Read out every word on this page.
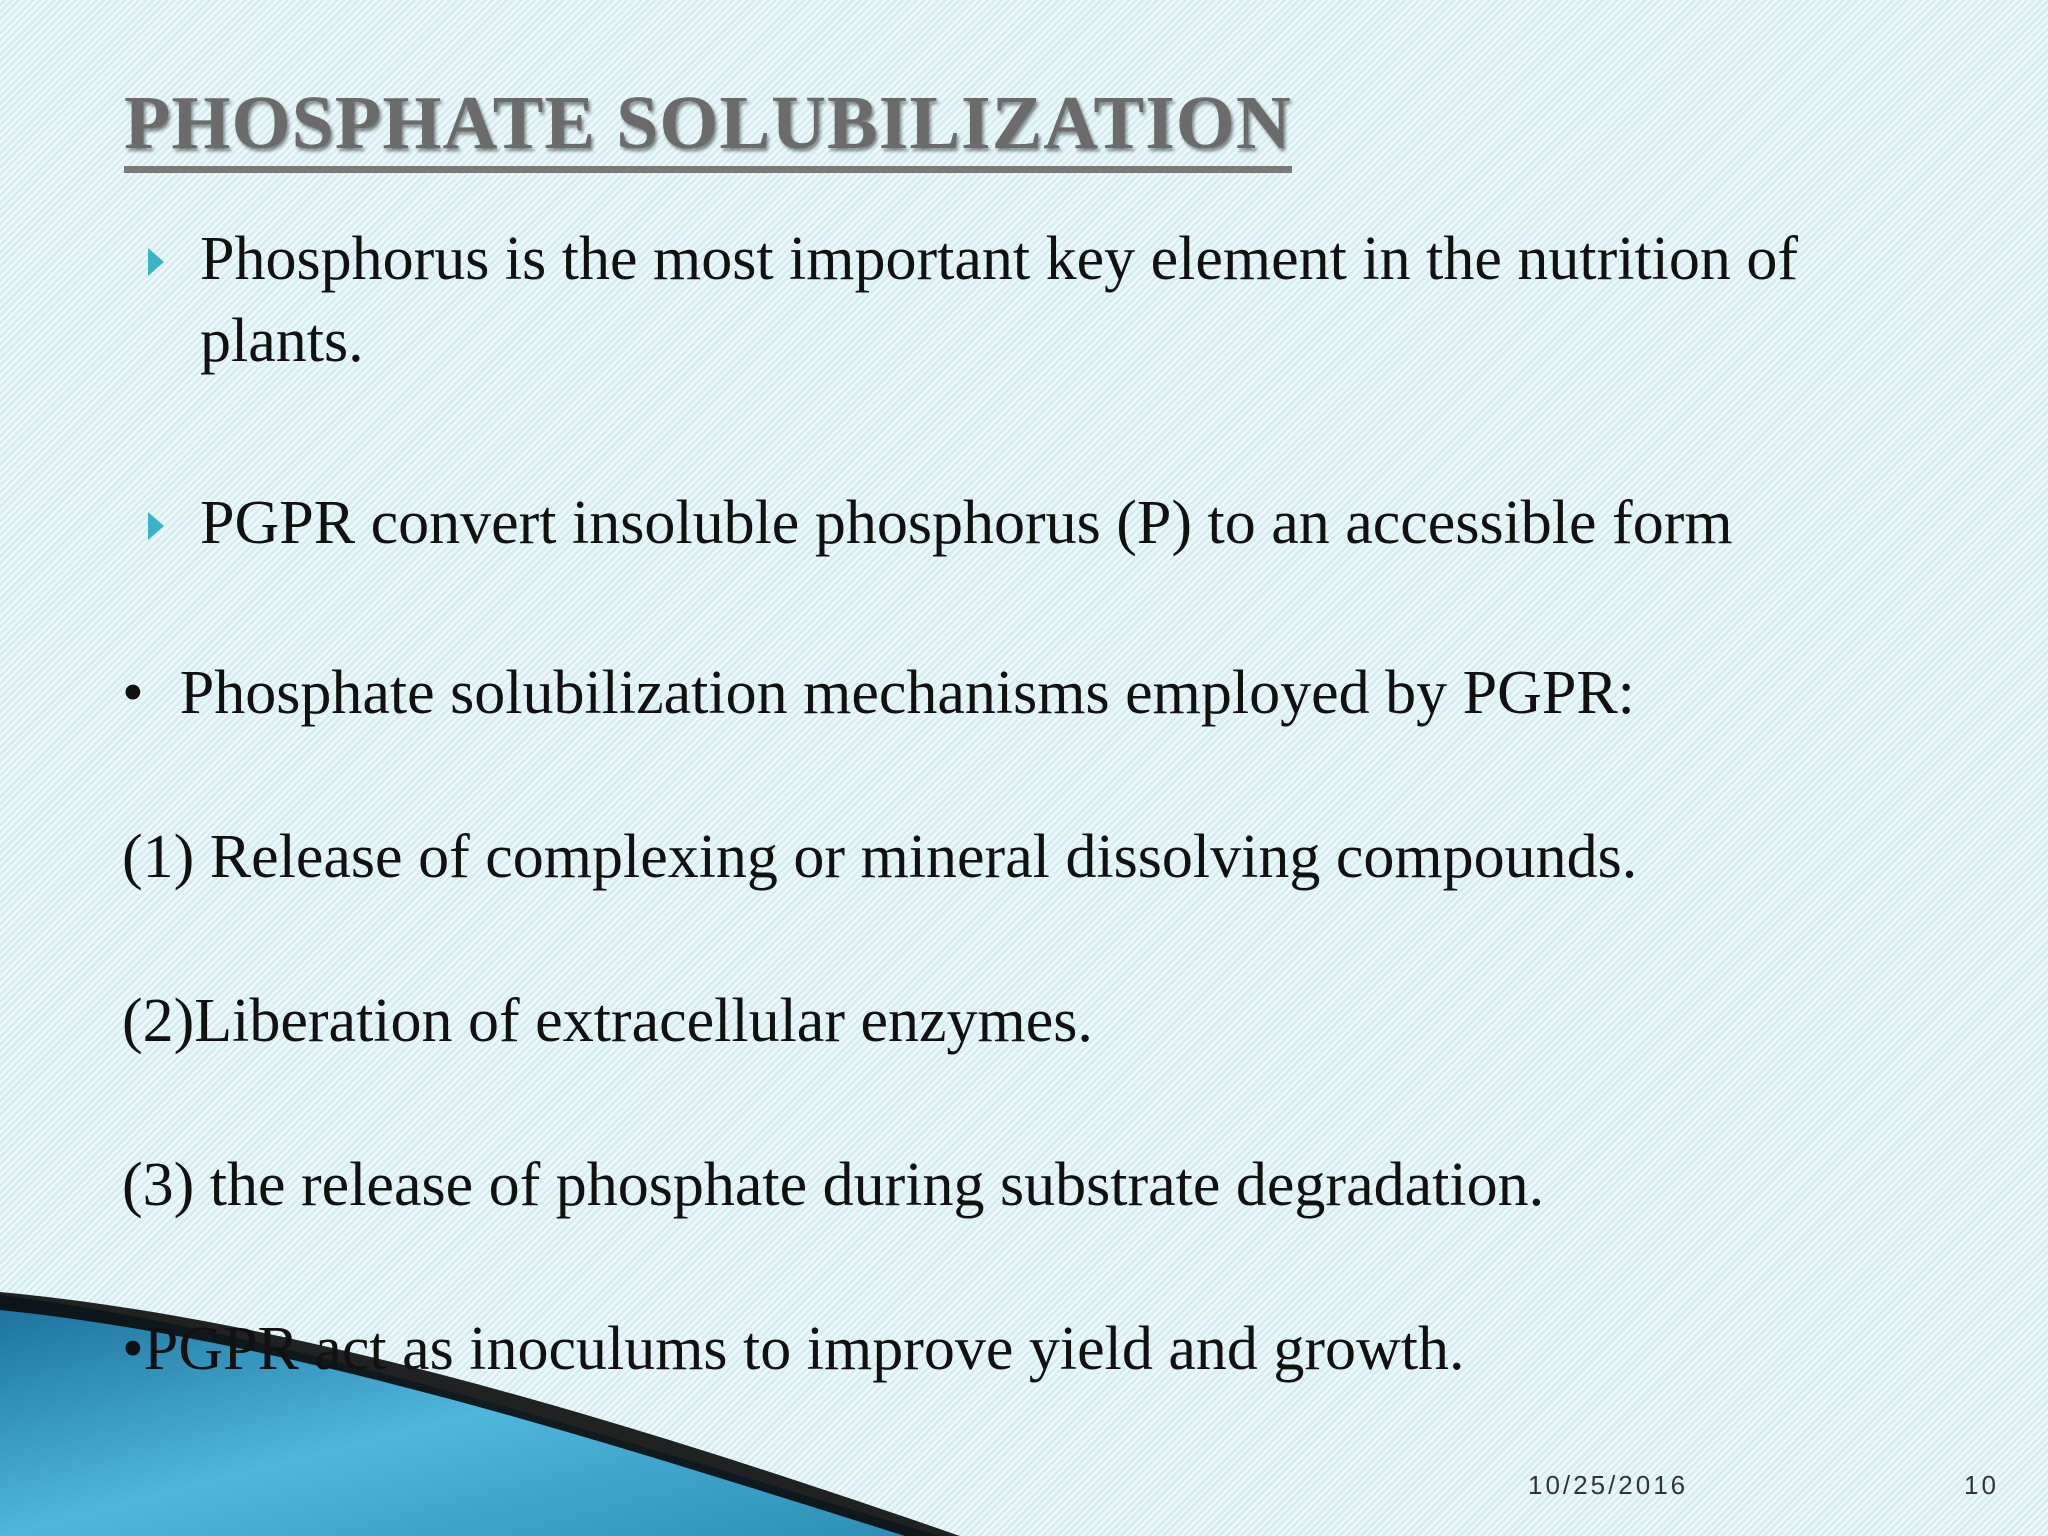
PHOSPHATE SOLUBILIZATION
Phosphorus is the most important key element in the nutrition of plants.
PGPR convert insoluble phosphorus (P) to an accessible form
• Phosphate solubilization mechanisms employed by PGPR:
(1) Release of complexing or mineral dissolving compounds.
(2)Liberation of extracellular enzymes.
(3) the release of phosphate during substrate degradation.
•PGPR act as inoculums to improve yield and growth.
10/25/2016	10
